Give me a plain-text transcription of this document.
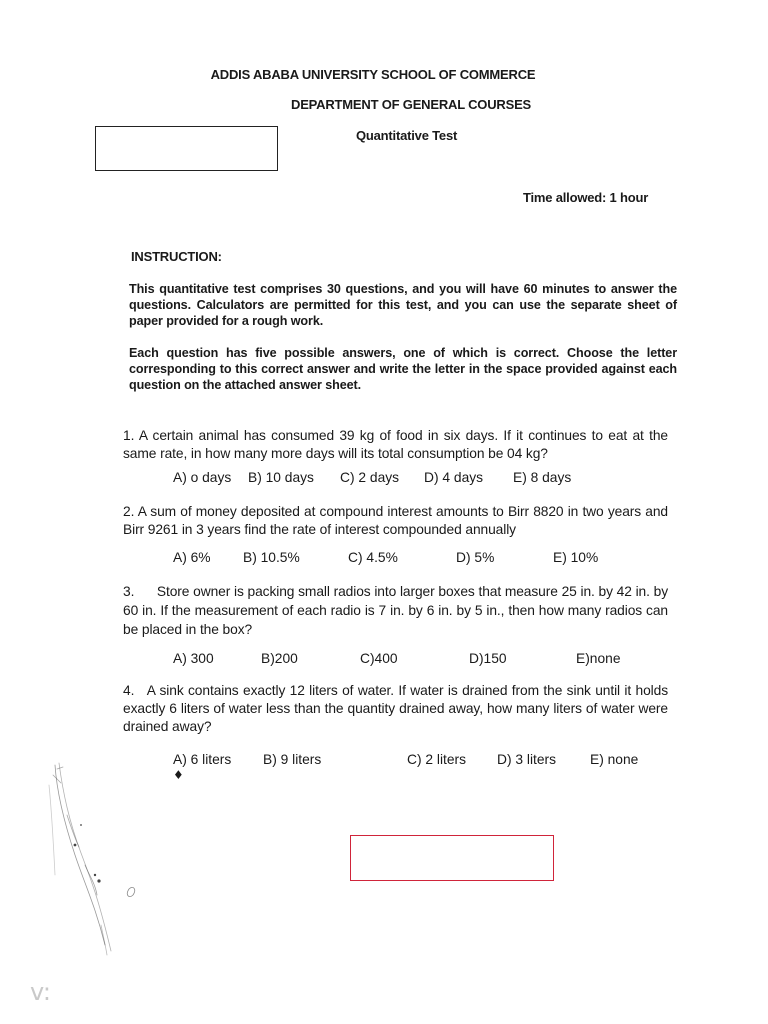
ADDIS ABABA UNIVERSITY SCHOOL OF COMMERCE
DEPARTMENT OF GENERAL COURSES
Quantitative Test
Time allowed: 1 hour
INSTRUCTION:
This quantitative test comprises 30 questions, and you will have 60 minutes to answer the questions. Calculators are permitted for this test, and you can use the separate sheet of paper provided for a rough work.
Each question has five possible answers, one of which is correct. Choose the letter corresponding to this correct answer and write the letter in the space provided against each question on the attached answer sheet.
1. A certain animal has consumed 39 kg of food in six days. If it continues to eat at the same rate, in how many more days will its total consumption be 04 kg?
A) o days B) 10 days C) 2 days D) 4 days E) 8 days
2. A sum of money deposited at compound interest amounts to Birr 8820 in two years and Birr 9261 in 3 years find the rate of interest compounded annually
A) 6% B) 10.5%	C) 4.5%	D) 5%	E) 10%
3.      Store owner is packing small radios into larger boxes that measure 25 in. by 42 in. by 60 in. If the measurement of each radio is 7 in. by 6 in. by 5 in., then how many radios can be placed in the box?
A) 300	B)200	C)400	D)150	E)none
4.   A sink contains exactly 12 liters of water. If water is drained from the sink until it holds exactly 6 liters of water less than the quantity drained away, how many liters of water were drained away?
A) 6 liters B) 9 liters	C) 2 liters D) 3 liters E) none
♦
v:
